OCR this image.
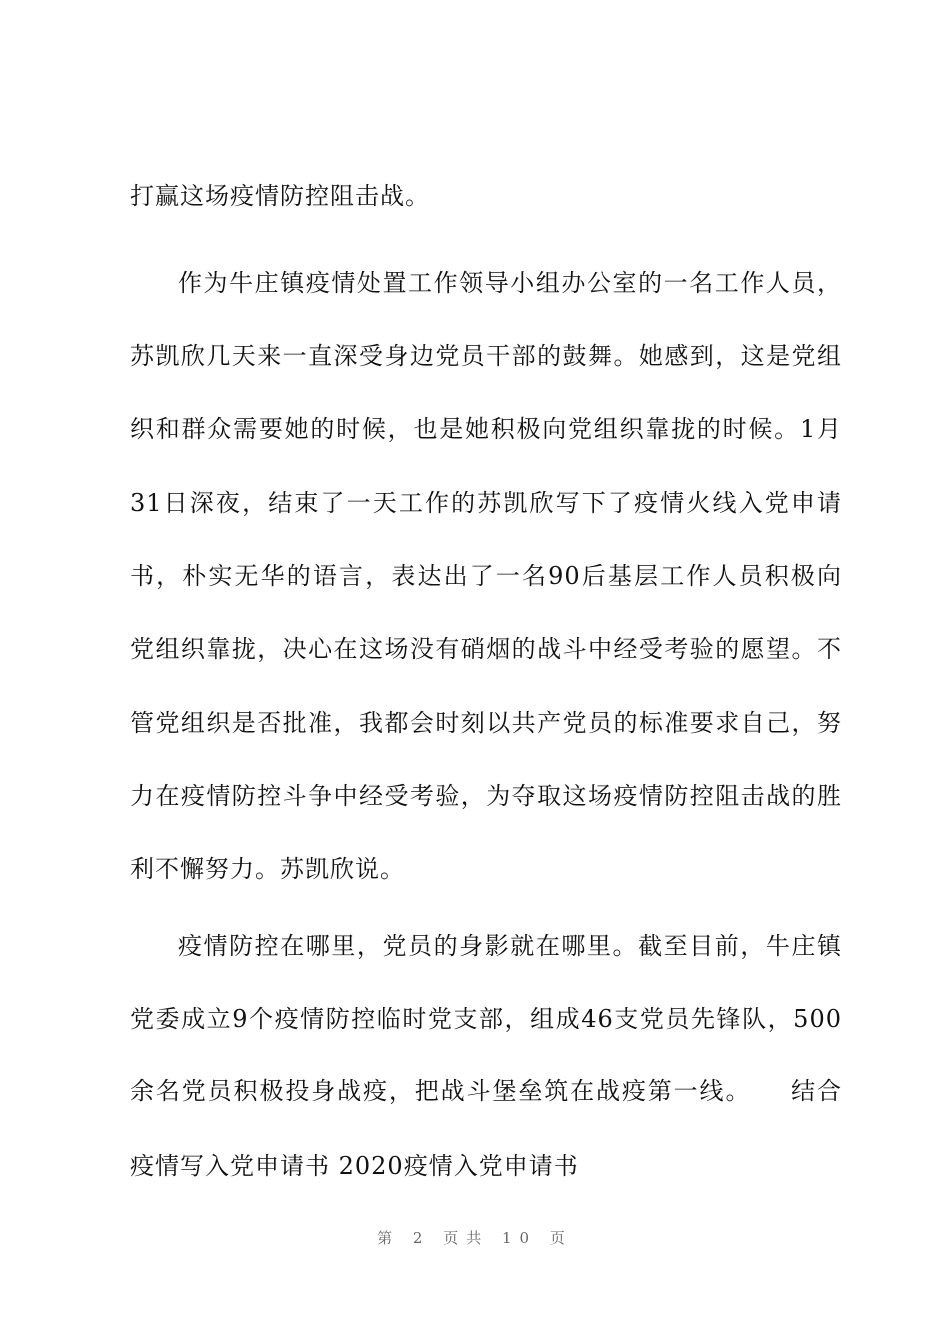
打赢这场疫情防控阻击战。
作为牛庄镇疫情处置工作领导小组办公室的一名工作人员，
苏凯欣几天来一直深受身边党员干部的鼓舞。她感到，这是党组
织和群众需要她的时候，也是她积极向党组织靠拢的时候。1月
31日深夜，结束了一天工作的苏凯欣写下了疫情火线入党申请
书，朴实无华的语言，表达出了一名90后基层工作人员积极向
党组织靠拢，决心在这场没有硝烟的战斗中经受考验的愿望。不
管党组织是否批准，我都会时刻以共产党员的标准要求自己，努
力在疫情防控斗争中经受考验，为夺取这场疫情防控阻击战的胜
利不懈努力。苏凯欣说。
疫情防控在哪里，党员的身影就在哪里。截至目前，牛庄镇
党委成立9个疫情防控临时党支部，组成46支党员先锋队，500
余名党员积极投身战疫，把战斗堡垒筑在战疫第一线。　　结合
疫情写入党申请书 2020疫情入党申请书
第 2 页共 10 页
